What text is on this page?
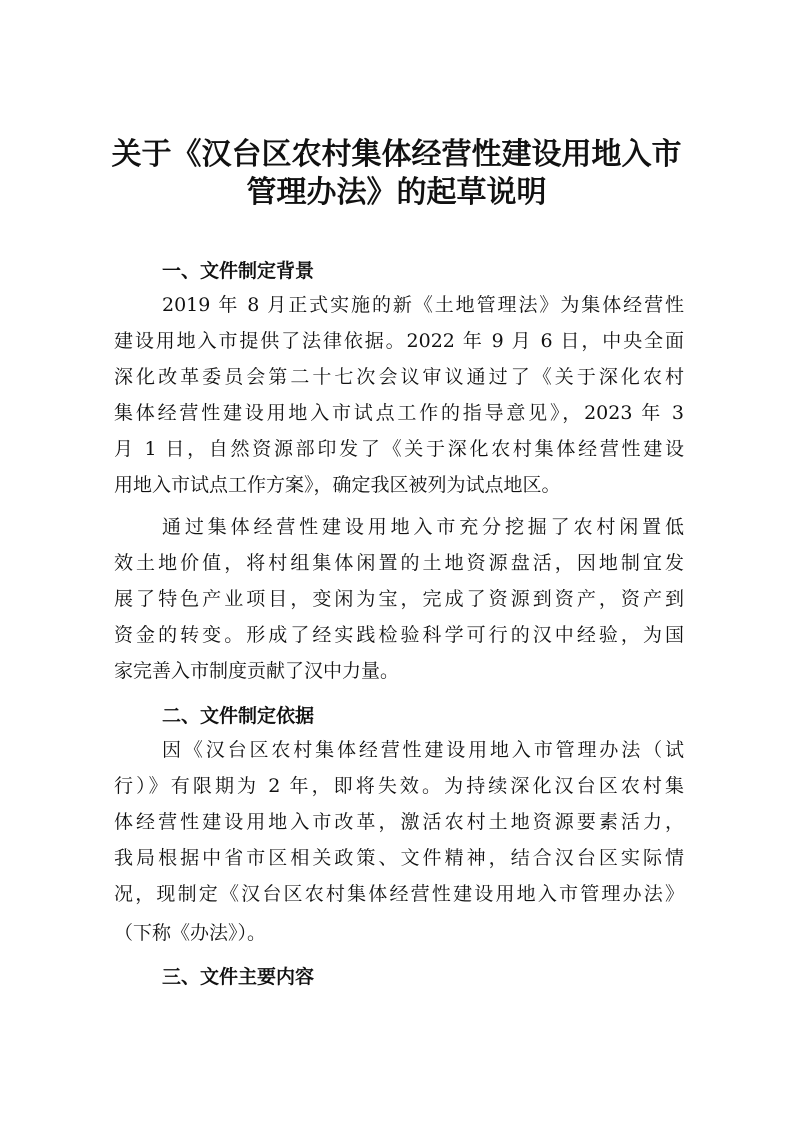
关于《汉台区农村集体经营性建设用地入市
管理办法》的起草说明
一、文件制定背景
2019 年 8 月正式实施的新《土地管理法》为集体经营性
建设用地入市提供了法律依据。2022 年 9 月 6 日，中央全面
深化改革委员会第二十七次会议审议通过了《关于深化农村
集体经营性建设用地入市试点工作的指导意见》，2023 年 3
月 1 日，自然资源部印发了《关于深化农村集体经营性建设
用地入市试点工作方案》，确定我区被列为试点地区。
通过集体经营性建设用地入市充分挖掘了农村闲置低
效土地价值，将村组集体闲置的土地资源盘活，因地制宜发
展了特色产业项目，变闲为宝，完成了资源到资产，资产到
资金的转变。形成了经实践检验科学可行的汉中经验，为国
家完善入市制度贡献了汉中力量。
二、文件制定依据
因《汉台区农村集体经营性建设用地入市管理办法（试
行）》有限期为 2 年，即将失效。为持续深化汉台区农村集
体经营性建设用地入市改革，激活农村土地资源要素活力，
我局根据中省市区相关政策、文件精神，结合汉台区实际情
况，现制定《汉台区农村集体经营性建设用地入市管理办法》
（下称《办法》）。
三、文件主要内容
